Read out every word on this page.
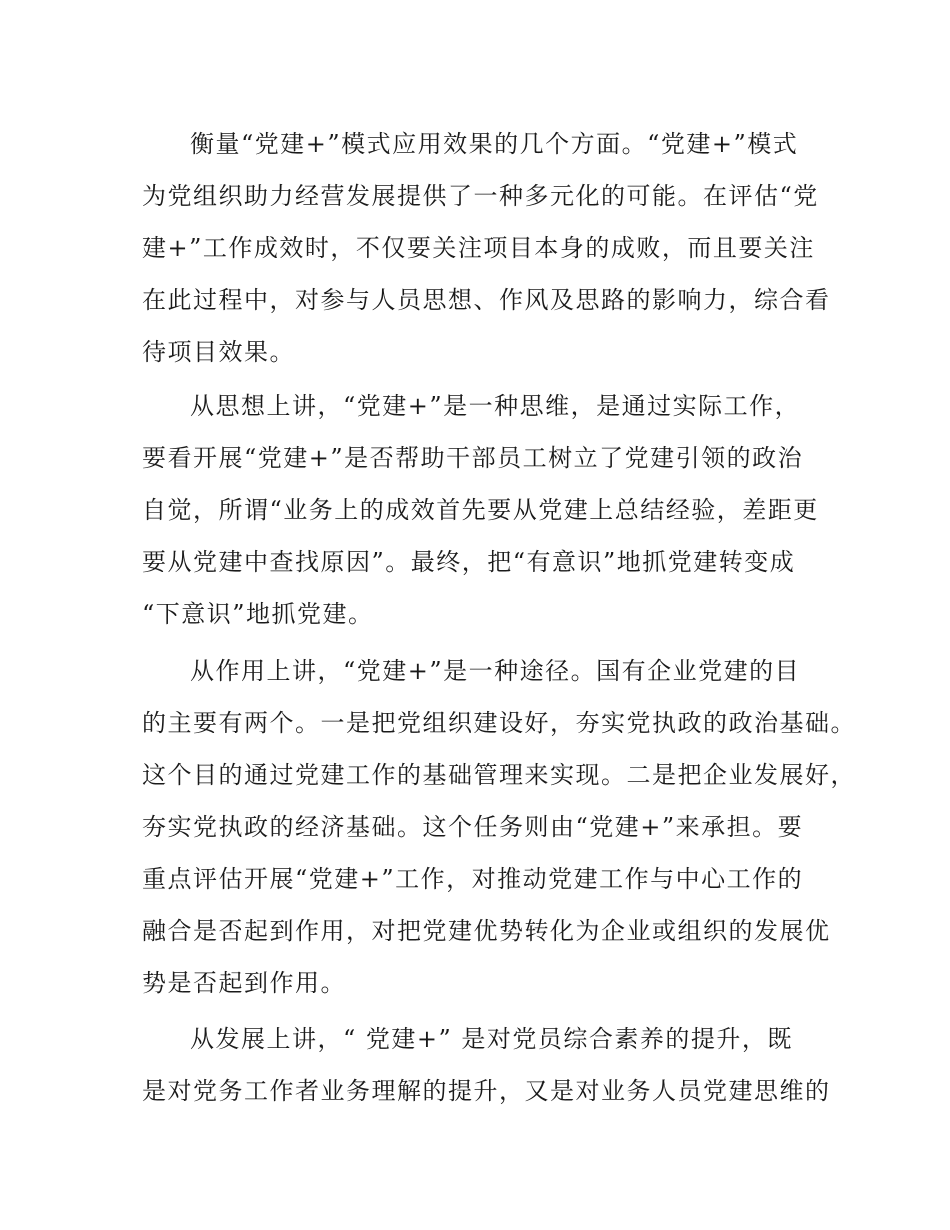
衡量“党建+”模式应用效果的几个方面。“党建+”模式
为党组织助力经营发展提供了一种多元化的可能。在评估“党
建+”工作成效时，不仅要关注项目本身的成败，而且要关注
在此过程中，对参与人员思想、作风及思路的影响力，综合看
待项目效果。
从思想上讲，“党建+”是一种思维，是通过实际工作，
要看开展“党建+”是否帮助干部员工树立了党建引领的政治
自觉，所谓“业务上的成效首先要从党建上总结经验，差距更
要从党建中查找原因”。最终，把“有意识”地抓党建转变成
“下意识”地抓党建。
从作用上讲，“党建+”是一种途径。国有企业党建的目
的主要有两个。一是把党组织建设好，夯实党执政的政治基础。
这个目的通过党建工作的基础管理来实现。二是把企业发展好，
夯实党执政的经济基础。这个任务则由“党建+”来承担。要
重点评估开展“党建+”工作，对推动党建工作与中心工作的
融合是否起到作用，对把党建优势转化为企业或组织的发展优
势是否起到作用。
从发展上讲，“ 党建+” 是对党员综合素养的提升，既
是对党务工作者业务理解的提升，又是对业务人员党建思维的
